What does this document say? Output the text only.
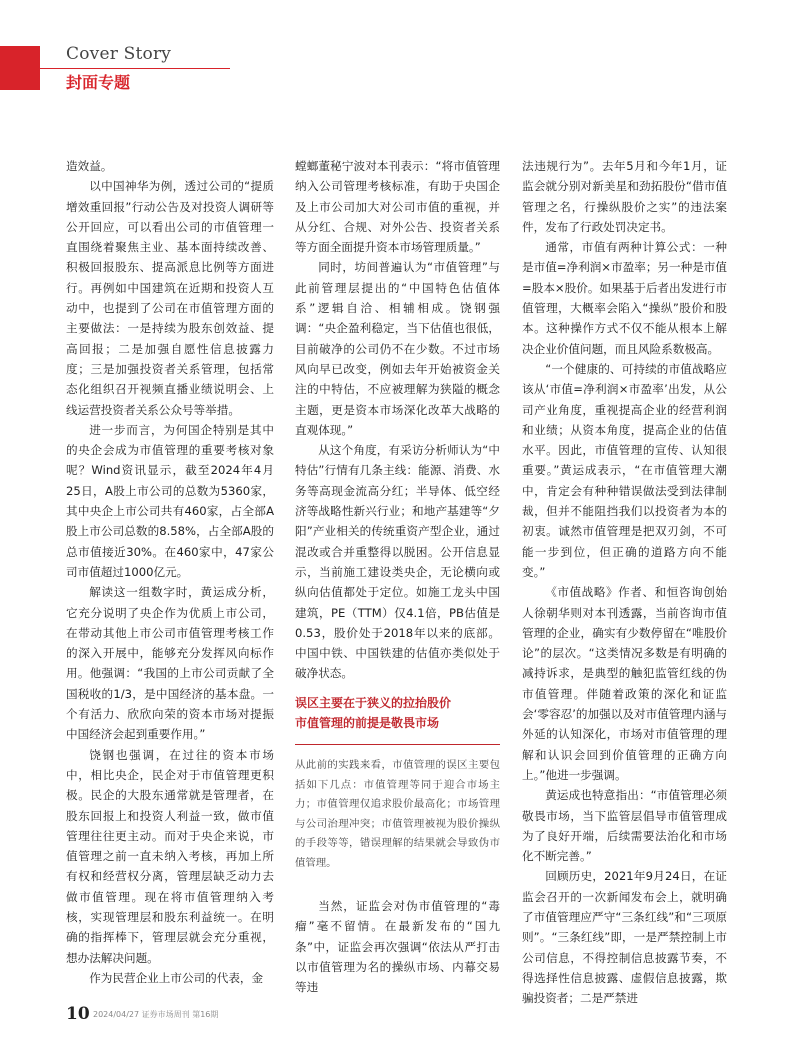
Cover Story
封面专题

造效益。

以中国神华为例，透过公司的“提质增效重回报”行动公告及对投资人调研等公开回应，可以看出公司的市值管理一直围绕着聚焦主业、基本面持续改善、积极回报股东、提高派息比例等方面进行。再例如中国建筑在近期和投资人互动中，也提到了公司在市值管理方面的主要做法：一是持续为股东创效益、提高回报；二是加强自愿性信息披露力度；三是加强投资者关系管理，包括常态化组织召开视频直播业绩说明会、上线运营投资者关系公众号等举措。

进一步而言，为何国企特别是其中的央企会成为市值管理的重要考核对象呢？Wind资讯显示，截至2024年4月25日，A股上市公司的总数为5360家，其中央企上市公司共有460家，占全部A股上市公司总数的8.58%，占全部A股的总市值接近30%。在460家中，47家公司市值超过1000亿元。

解读这一组数字时，黄运成分析，它充分说明了央企作为优质上市公司，在带动其他上市公司市值管理考核工作的深入开展中，能够充分发挥风向标作用。他强调：“我国的上市公司贡献了全国税收的1/3，是中国经济的基本盘。一个有活力、欣欣向荣的资本市场对提振中国经济会起到重要作用。”

饶钢也强调，在过往的资本市场中，相比央企，民企对于市值管理更积极。民企的大股东通常就是管理者，在股东回报上和投资人利益一致，做市值管理往往更主动。而对于央企来说，市值管理之前一直未纳入考核，再加上所有权和经营权分离，管理层缺乏动力去做市值管理。现在将市值管理纳入考核，实现管理层和股东利益统一。在明确的指挥棒下，管理层就会充分重视，想办法解决问题。

作为民营企业上市公司的代表，金

螳螂董秘宁波对本刊表示：“将市值管理纳入公司管理考核标准，有助于央国企及上市公司加大对公司市值的重视，并从分红、合规、对外公告、投资者关系等方面全面提升资本市场管理质量。”

同时，坊间普遍认为“市值管理”与此前管理层提出的“中国特色估值体系”逻辑自洽、相辅相成。饶钢强调：“央企盈利稳定，当下估值也很低，目前破净的公司仍不在少数。不过市场风向早已改变，例如去年开始被资金关注的中特估，不应被理解为狭隘的概念主题，更是资本市场深化改革大战略的直观体现。”

从这个角度，有采访分析师认为“中特估”行情有几条主线：能源、消费、水务等高现金流高分红；半导体、低空经济等战略性新兴行业；和地产基建等“夕阳”产业相关的传统重资产型企业，通过混改或合并重整得以脱困。公开信息显示，当前施工建设类央企，无论横向或纵向估值都处于定位。如施工龙头中国建筑，PE（TTM）仅4.1倍，PB估值是0.53，股价处于2018年以来的底部。中国中铁、中国铁建的估值亦类似处于破净状态。

误区主要在于狭义的拉抬股价
市值管理的前提是敬畏市场
从此前的实践来看，市值管理的误区主要包括如下几点：市值管理等同于迎合市场主力；市值管理仅追求股价最高化；市场管理与公司治理冲突；市值管理被视为股价操纵的手段等等，错误理解的结果就会导致伪市值管理。

当然，证监会对伪市值管理的“毒瘤”毫不留情。在最新发布的“国九条”中，证监会再次强调“依法从严打击以市值管理为名的操纵市场、内幕交易等违

法违规行为”。去年5月和今年1月，证监会就分别对新美星和劲拓股份“借市值管理之名，行操纵股价之实”的违法案件，发布了行政处罚决定书。

通常，市值有两种计算公式：一种是市值=净利润×市盈率；另一种是市值=股本×股价。如果基于后者出发进行市值管理，大概率会陷入“操纵”股价和股本。这种操作方式不仅不能从根本上解决企业价值问题，而且风险系数极高。

“一个健康的、可持续的市值战略应该从‘市值=净利润×市盈率’出发，从公司产业角度，重视提高企业的经营利润和业绩；从资本角度，提高企业的估值水平。因此，市值管理的宣传、认知很重要。”黄运成表示，“在市值管理大潮中，肯定会有种种错误做法受到法律制裁，但并不能阻挡我们以投资者为本的初衷。诚然市值管理是把双刃剑，不可能一步到位，但正确的道路方向不能变。”

《市值战略》作者、和恒咨询创始人徐朝华则对本刊透露，当前咨询市值管理的企业，确实有少数停留在“唯股价论”的层次。“这类情况多数是有明确的减持诉求，是典型的触犯监管红线的伪市值管理。伴随着政策的深化和证监会‘零容忍’的加强以及对市值管理内涵与外延的认知深化，市场对市值管理的理解和认识会回到价值管理的正确方向上。”他进一步强调。

黄运成也特意指出：“市值管理必须敬畏市场，当下监管层倡导市值管理成为了良好开端，后续需要法治化和市场化不断完善。”

回顾历史，2021年9月24日，在证监会召开的一次新闻发布会上，就明确了市值管理应严守“三条红线”和“三项原则”。“三条红线”即，一是严禁控制上市公司信息，不得控制信息披露节奏，不得选择性信息披露、虚假信息披露，欺骗投资者；二是严禁进

10 2024/04/27 证券市场周刊 第16期
